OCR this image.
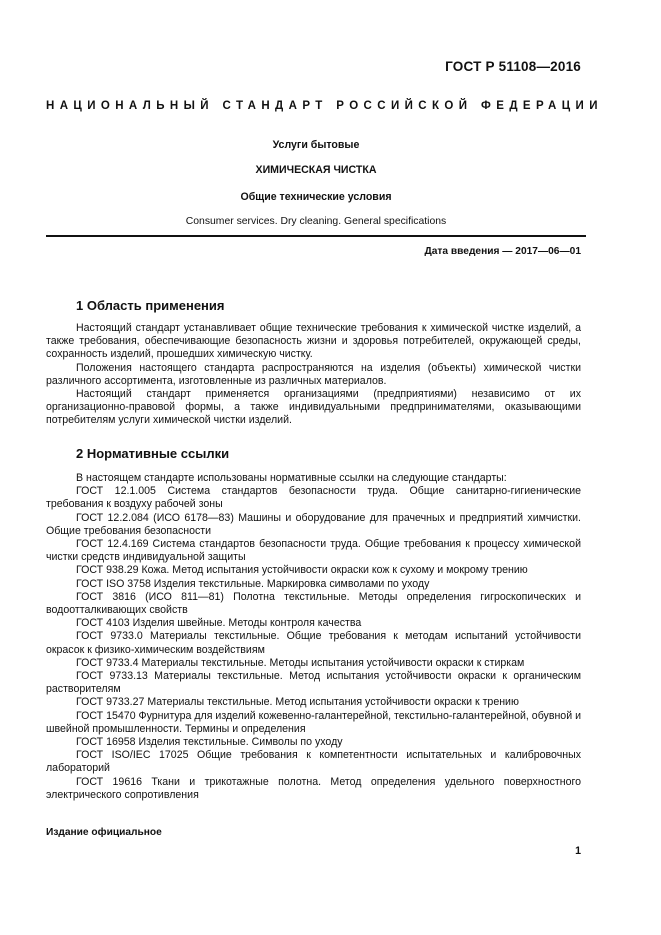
ГОСТ Р 51108—2016
НАЦИОНАЛЬНЫЙ СТАНДАРТ РОССИЙСКОЙ ФЕДЕРАЦИИ
Услуги бытовые
ХИМИЧЕСКАЯ ЧИСТКА
Общие технические условия
Consumer services. Dry cleaning. General specifications
Дата введения — 2017—06—01
1 Область применения

Настоящий стандарт устанавливает общие технические требования к химической чистке изделий, а также требования, обеспечивающие безопасность жизни и здоровья потребителей, окружающей среды, сохранность изделий, прошедших химическую чистку.

Положения настоящего стандарта распространяются на изделия (объекты) химической чистки различного ассортимента, изготовленные из различных материалов.

Настоящий стандарт применяется организациями (предприятиями) независимо от их организационно-правовой формы, а также индивидуальными предпринимателями, оказывающими потребителям услуги химической чистки изделий.

2 Нормативные ссылки

В настоящем стандарте использованы нормативные ссылки на следующие стандарты:

ГОСТ 12.1.005 Система стандартов безопасности труда. Общие санитарно-гигиенические требования к воздуху рабочей зоны

ГОСТ 12.2.084 (ИСО 6178—83) Машины и оборудование для прачечных и предприятий химчистки. Общие требования безопасности

ГОСТ 12.4.169 Система стандартов безопасности труда. Общие требования к процессу химической чистки средств индивидуальной защиты

ГОСТ 938.29 Кожа. Метод испытания устойчивости окраски кож к сухому и мокрому трению

ГОСТ ISO 3758 Изделия текстильные. Маркировка символами по уходу

ГОСТ 3816 (ИСО 811—81) Полотна текстильные. Методы определения гигроскопических и водоотталкивающих свойств

ГОСТ 4103 Изделия швейные. Методы контроля качества

ГОСТ 9733.0 Материалы текстильные. Общие требования к методам испытаний устойчивости окрасок к физико-химическим воздействиям

ГОСТ 9733.4 Материалы текстильные. Методы испытания устойчивости окраски к стиркам

ГОСТ 9733.13 Материалы текстильные. Метод испытания устойчивости окраски к органическим растворителям

ГОСТ 9733.27 Материалы текстильные. Метод испытания устойчивости окраски к трению

ГОСТ 15470 Фурнитура для изделий кожевенно-галантерейной, текстильно-галантерейной, обувной и швейной промышленности. Термины и определения

ГОСТ 16958 Изделия текстильные. Символы по уходу

ГОСТ ISO/IEC 17025 Общие требования к компетентности испытательных и калибровочных лабораторий

ГОСТ 19616 Ткани и трикотажные полотна. Метод определения удельного поверхностного электрического сопротивления

Издание официальное
1
